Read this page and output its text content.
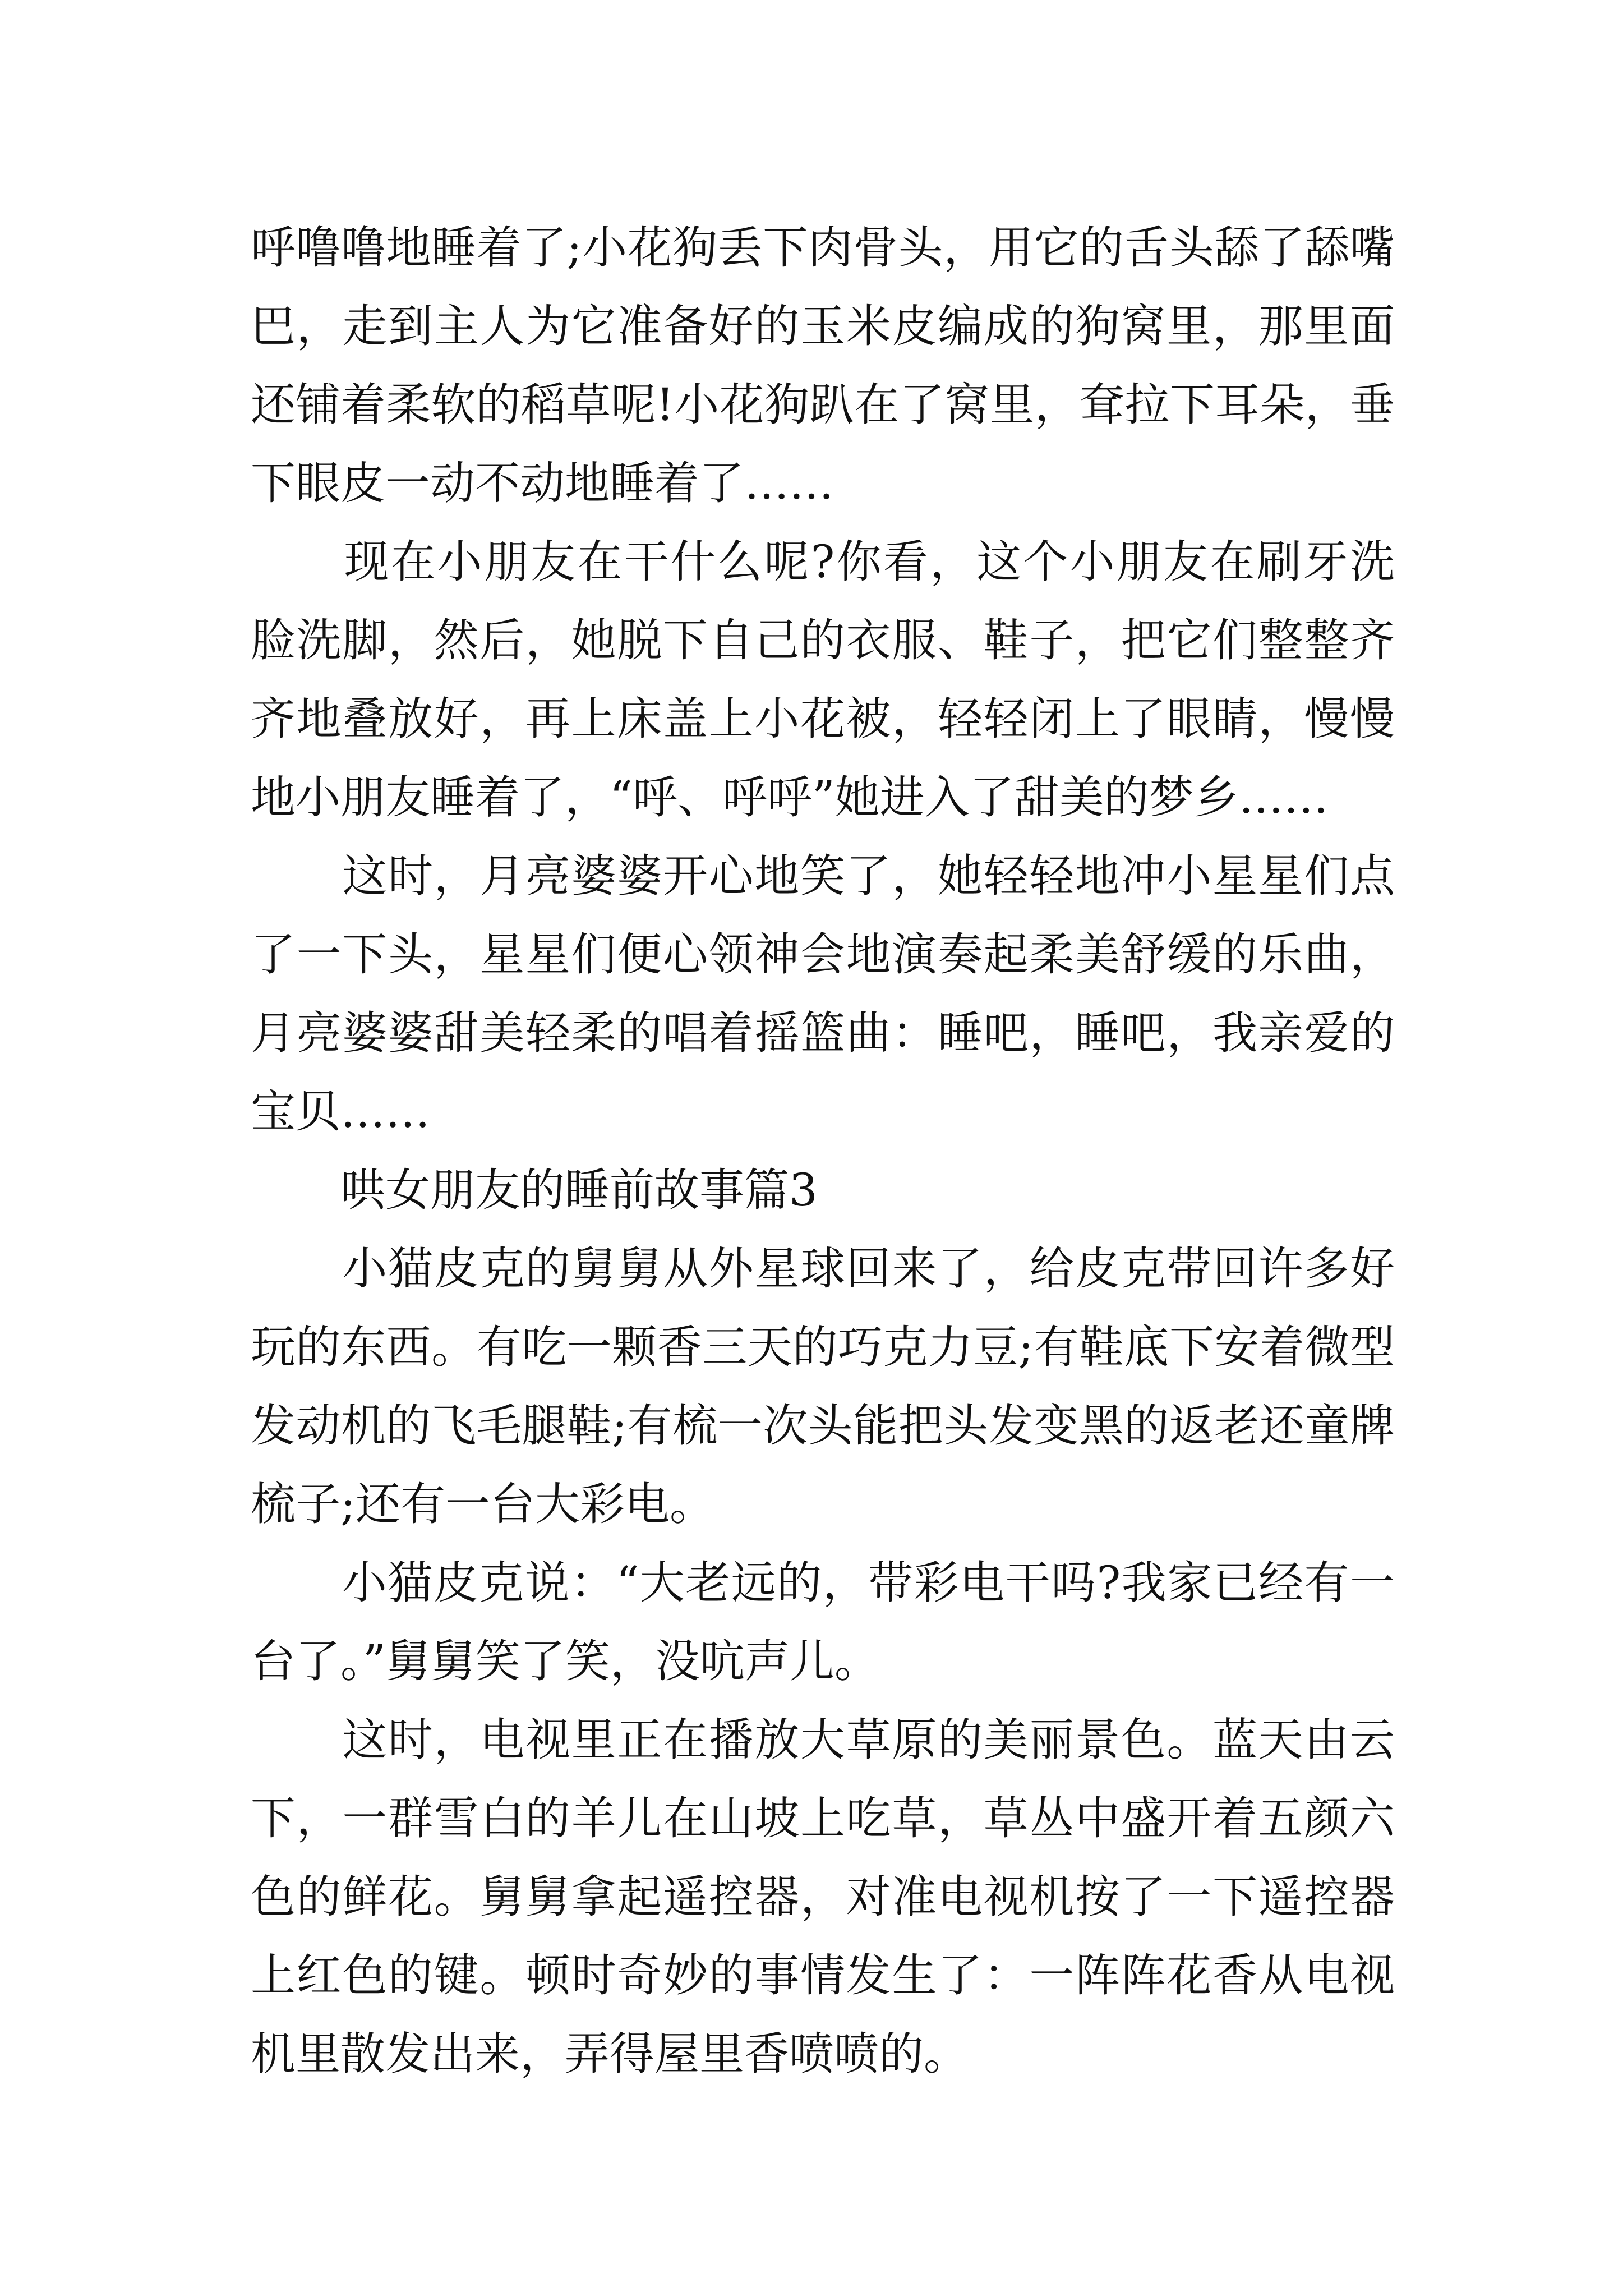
呼噜噜地睡着了;小花狗丢下肉骨头，用它的舌头舔了舔嘴巴，走到主人为它准备好的玉米皮编成的狗窝里，那里面还铺着柔软的稻草呢!小花狗趴在了窝里，耷拉下耳朵，垂下眼皮一动不动地睡着了……

　　现在小朋友在干什么呢?你看，这个小朋友在刷牙洗脸洗脚，然后，她脱下自己的衣服、鞋子，把它们整整齐齐地叠放好，再上床盖上小花被，轻轻闭上了眼睛，慢慢地小朋友睡着了，“呼、呼呼”她进入了甜美的梦乡……

　　这时，月亮婆婆开心地笑了，她轻轻地冲小星星们点了一下头，星星们便心领神会地演奏起柔美舒缓的乐曲，月亮婆婆甜美轻柔的唱着摇篮曲：睡吧，睡吧，我亲爱的宝贝……

　　哄女朋友的睡前故事篇3

　　小猫皮克的舅舅从外星球回来了，给皮克带回许多好玩的东西。有吃一颗香三天的巧克力豆;有鞋底下安着微型发动机的飞毛腿鞋;有梳一次头能把头发变黑的返老还童牌梳子;还有一台大彩电。

　　小猫皮克说：“大老远的，带彩电干吗?我家已经有一台了。”舅舅笑了笑，没吭声儿。

　　这时，电视里正在播放大草原的美丽景色。蓝天由云下，一群雪白的羊儿在山坡上吃草，草丛中盛开着五颜六色的鲜花。舅舅拿起遥控器，对准电视机按了一下遥控器上红色的键。顿时奇妙的事情发生了：一阵阵花香从电视机里散发出来，弄得屋里香喷喷的。
